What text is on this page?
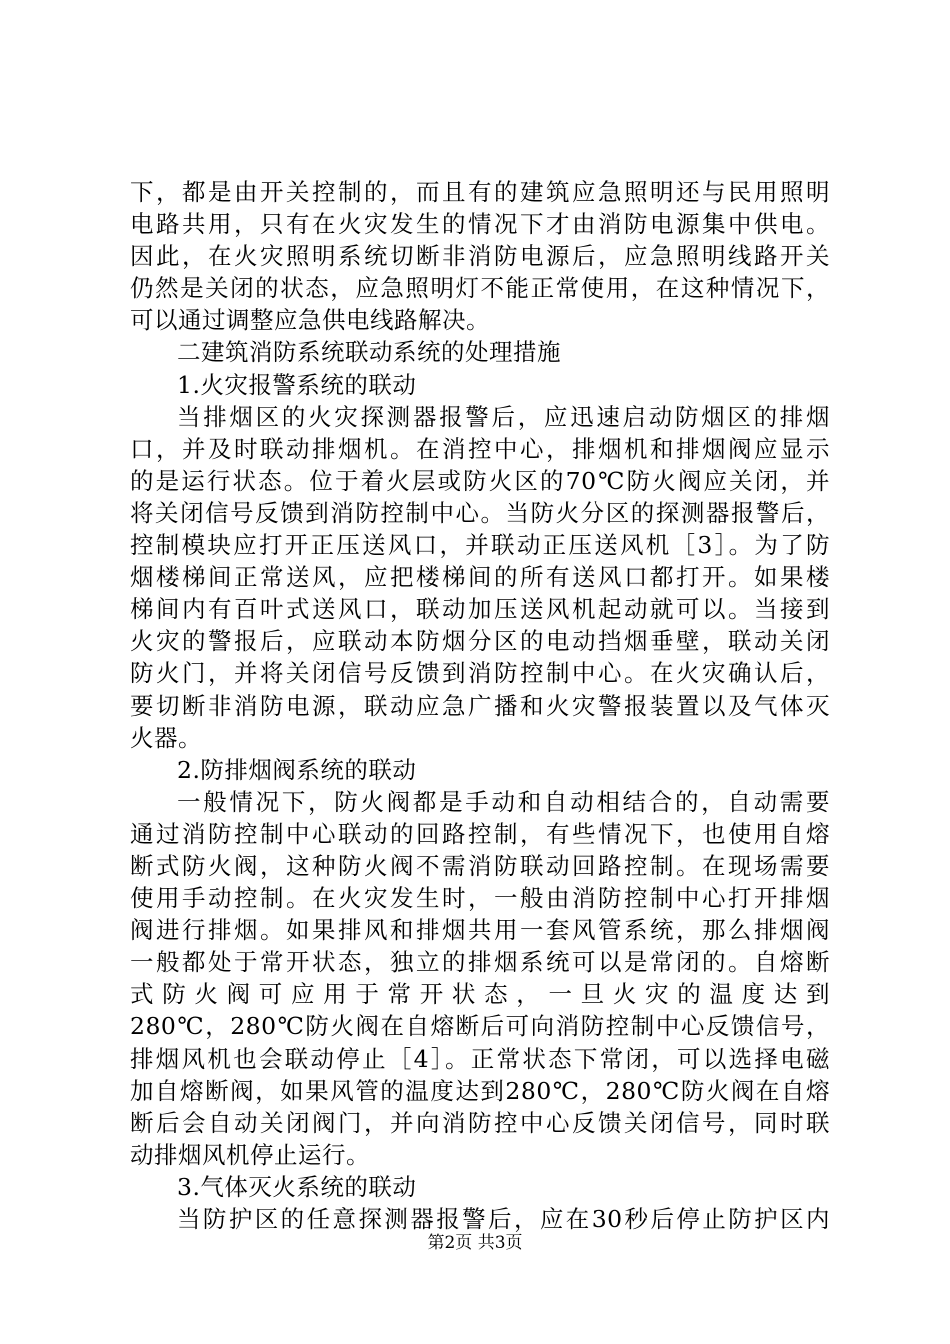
下，都是由开关控制的，而且有的建筑应急照明还与民用照明
电路共用，只有在火灾发生的情况下才由消防电源集中供电。
因此，在火灾照明系统切断非消防电源后，应急照明线路开关
仍然是关闭的状态，应急照明灯不能正常使用，在这种情况下，
可以通过调整应急供电线路解决。
二建筑消防系统联动系统的处理措施
1.火灾报警系统的联动
当排烟区的火灾探测器报警后，应迅速启动防烟区的排烟
口，并及时联动排烟机。在消控中心，排烟机和排烟阀应显示
的是运行状态。位于着火层或防火区的70℃防火阀应关闭，并
将关闭信号反馈到消防控制中心。当防火分区的探测器报警后，
控制模块应打开正压送风口，并联动正压送风机［3］。为了防
烟楼梯间正常送风，应把楼梯间的所有送风口都打开。如果楼
梯间内有百叶式送风口，联动加压送风机起动就可以。当接到
火灾的警报后，应联动本防烟分区的电动挡烟垂壁，联动关闭
防火门，并将关闭信号反馈到消防控制中心。在火灾确认后，
要切断非消防电源，联动应急广播和火灾警报装置以及气体灭
火器。
2.防排烟阀系统的联动
一般情况下，防火阀都是手动和自动相结合的，自动需要
通过消防控制中心联动的回路控制，有些情况下，也使用自熔
断式防火阀，这种防火阀不需消防联动回路控制。在现场需要
使用手动控制。在火灾发生时，一般由消防控制中心打开排烟
阀进行排烟。如果排风和排烟共用一套风管系统，那么排烟阀
一般都处于常开状态，独立的排烟系统可以是常闭的。自熔断
式防火阀可应用于常开状态，一旦火灾的温度达到
280℃，280℃防火阀在自熔断后可向消防控制中心反馈信号，
排烟风机也会联动停止［4］。正常状态下常闭，可以选择电磁
加自熔断阀，如果风管的温度达到280℃，280℃防火阀在自熔
断后会自动关闭阀门，并向消防控中心反馈关闭信号，同时联
动排烟风机停止运行。
3.气体灭火系统的联动
当防护区的任意探测器报警后，应在30秒后停止防护区内
第2页 共3页
